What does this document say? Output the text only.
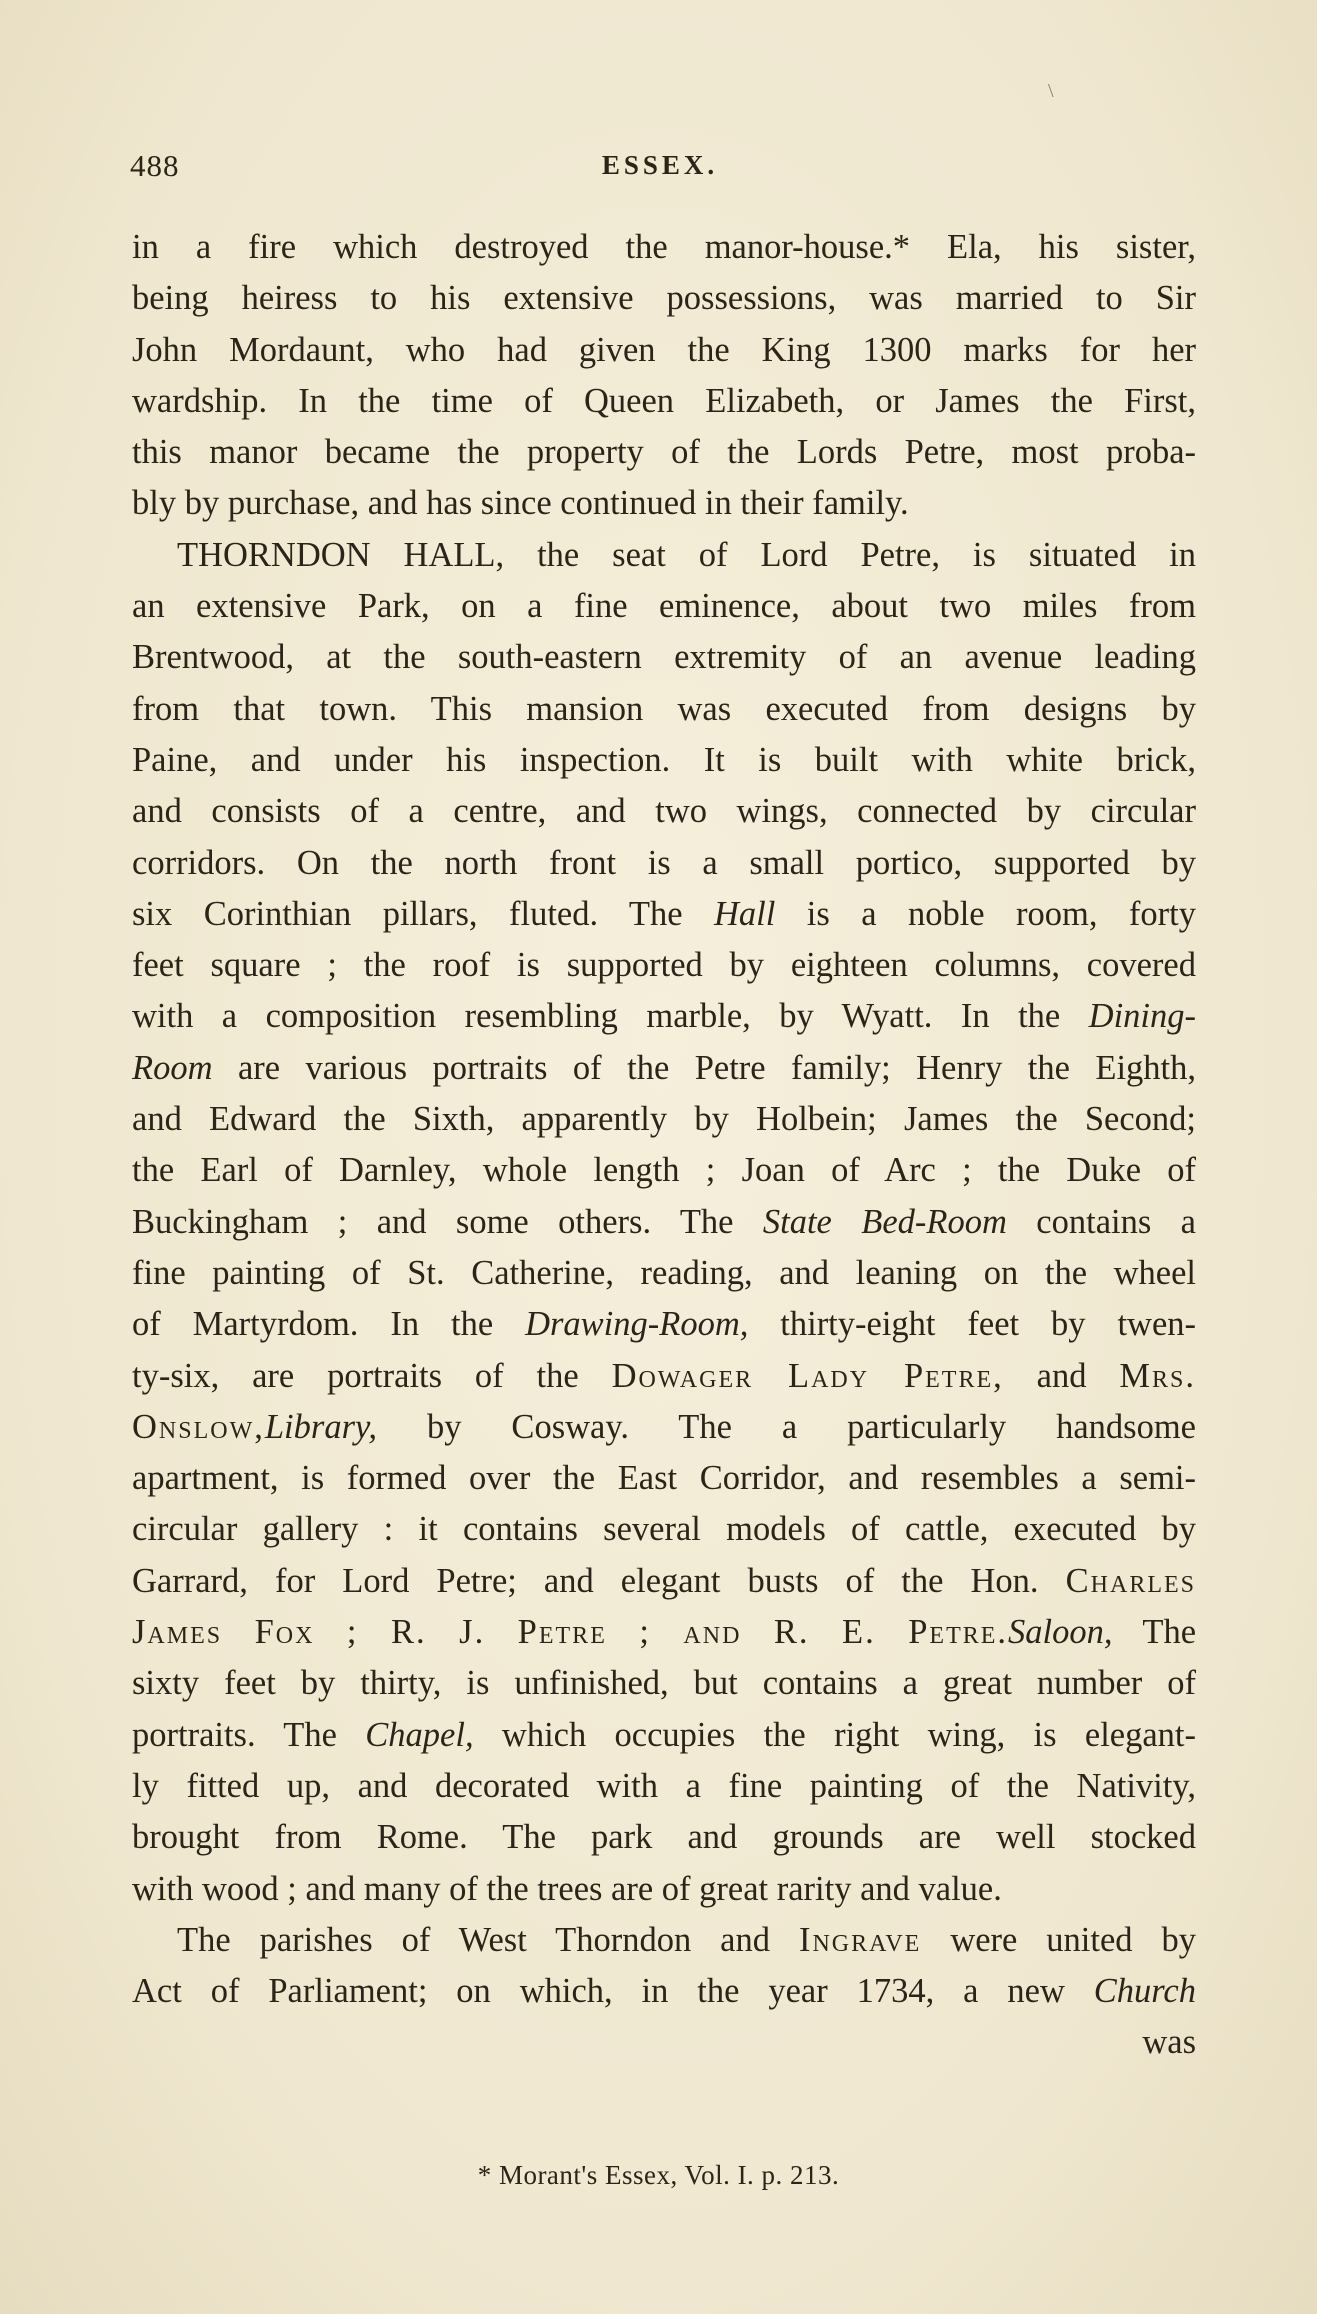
\
488	ESSEX.
in a fire which destroyed the manor-house.* Ela, his sister,
being heiress to his extensive possessions, was married to Sir
John Mordaunt, who had given the King 1300 marks for her
wardship. In the time of Queen Elizabeth, or James the First,
this manor became the property of the Lords Petre, most proba-
bly by purchase, and has since continued in their family.
THORNDON HALL, the seat of Lord Petre, is situated in
an extensive Park, on a fine eminence, about two miles from
Brentwood, at the south-eastern extremity of an avenue leading
from that town. This mansion was executed from designs by
Paine, and under his inspection. It is built with white brick,
and consists of a centre, and two wings, connected by circular
corridors. On the north front is a small portico, supported by
six Corinthian pillars, fluted. The Hall is a noble room, forty
feet square ; the roof is supported by eighteen columns, covered
with a composition resembling marble, by Wyatt. In the Dining-
Room are various portraits of the Petre family; Henry the Eighth,
and Edward the Sixth, apparently by Holbein; James the Second;
the Earl of Darnley, whole length ; Joan of Arc ; the Duke of
Buckingham ; and some others. The State Bed-Room contains a
fine painting of St. Catherine, reading, and leaning on the wheel
of Martyrdom. In the Drawing-Room, thirty-eight feet by twen-
ty-six, are portraits of the Dowager Lady Petre, and Mrs.
Onslow,Library, by Cosway. The a particularly handsome
apartment, is formed over the East Corridor, and resembles a semi-
circular gallery : it contains several models of cattle, executed by
Garrard, for Lord Petre; and elegant busts of the Hon. Charles
James Fox ; R. J. Petre ; and R. E. Petre.Saloon, The
sixty feet by thirty, is unfinished, but contains a great number of
portraits. The Chapel, which occupies the right wing, is elegant-
ly fitted up, and decorated with a fine painting of the Nativity,
brought from Rome. The park and grounds are well stocked
with wood ; and many of the trees are of great rarity and value.
The parishes of West Thorndon and Ingrave were united by
Act of Parliament; on which, in the year 1734, a new Church
was
* Morant's Essex, Vol. I. p. 213.
